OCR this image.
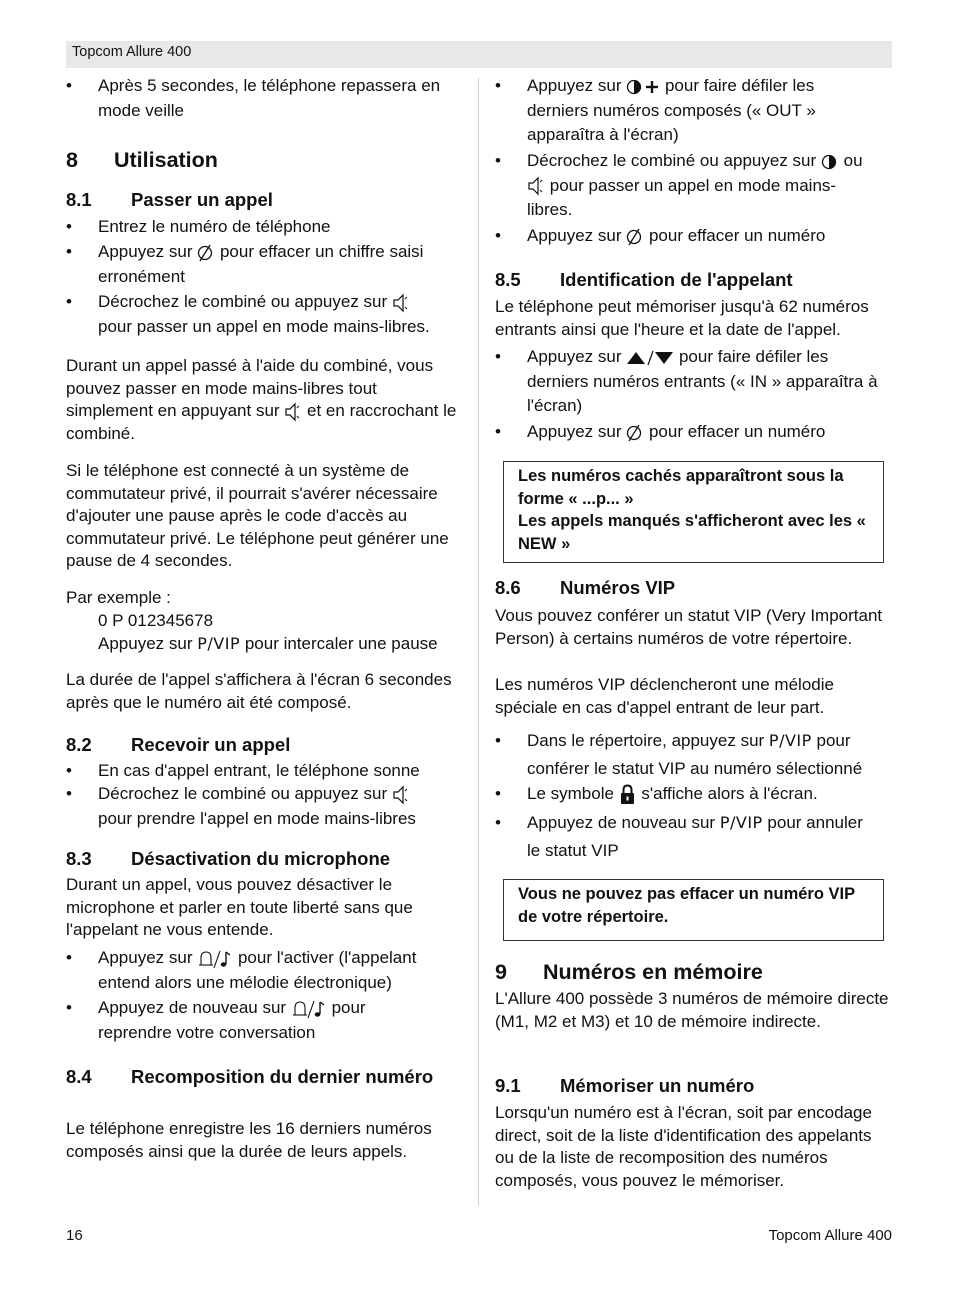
Topcom Allure 400
• Après 5 secondes, le téléphone repassera en mode veille
8 Utilisation
8.1 Passer un appel
• Entrez le numéro de téléphone
• Appuyez sur pour effacer un chiffre saisi
erronément
• Décrochez le combiné ou appuyez sur
pour passer un appel en mode mains-libres.

Durant un appel passé à l'aide du combiné, vous pouvez passer en mode mains-libres tout simplement en appuyant sur et en raccrochant le combiné.

Si le téléphone est connecté à un système de commutateur privé, il pourrait s'avérer nécessaire d'ajouter une pause après le code d'accès au commutateur privé. Le téléphone peut générer une pause de 4 secondes.

Par exemple :

0 P 012345678

Appuyez sur P/VIP pour intercaler une pause

La durée de l'appel s'affichera à l'écran 6 secondes après que le numéro ait été composé.

8.2 Recevoir un appel
• En cas d'appel entrant, le téléphone sonne
• Décrochez le combiné ou appuyez sur
pour prendre l'appel en mode mains-libres
8.3 Désactivation du microphone

Durant un appel, vous pouvez désactiver le microphone et parler en toute liberté sans que l'appelant ne vous entende.

• Appuyez sur	pour l'activer (l'appelant
entend alors une mélodie électronique)
• Appuyez de nouveau sur	pour
reprendre votre conversation
8.4 Recomposition du dernier numéro

Le téléphone enregistre les 16 derniers numéros composés ainsi que la durée de leurs appels.

• Appuyez sur	pour faire défiler les
derniers numéros composés (« OUT » apparaîtra à l'écran)
• Décrochez le combiné ou appuyez sur ou
pour passer un appel en mode mains-
libres.
• Appuyez sur pour effacer un numéro
8.5 Identification de l'appelant

Le téléphone peut mémoriser jusqu'à 62 numéros entrants ainsi que l'heure et la date de l'appel.

• Appuyez sur	pour faire défiler les
derniers numéros entrants (« IN » apparaîtra à l'écran)
• Appuyez sur pour effacer un numéro
Les numéros cachés apparaîtront sous la forme « ...p... »
Les appels manqués s'afficheront avec les « NEW »
8.6 Numéros VIP

Vous pouvez conférer un statut VIP (Very Important Person) à certains numéros de votre répertoire.

Les numéros VIP déclencheront une mélodie spéciale en cas d'appel entrant de leur part.

• Dans le répertoire, appuyez sur P/VIP pour
conférer le statut VIP au numéro sélectionné
• Le symbole s'affiche alors à l'écran.
• Appuyez de nouveau sur P/VIP pour annuler
le statut VIP
Vous ne pouvez pas effacer un numéro VIP de votre répertoire.
9 Numéros en mémoire

L'Allure 400 possède 3 numéros de mémoire directe (M1, M2 et M3) et 10 de mémoire indirecte.

9.1 Mémoriser un numéro

Lorsqu'un numéro est à l'écran, soit par encodage direct, soit de la liste d'identification des appelants ou de la liste de recomposition des numéros composés, vous pouvez le mémoriser.

16	Topcom Allure 400
